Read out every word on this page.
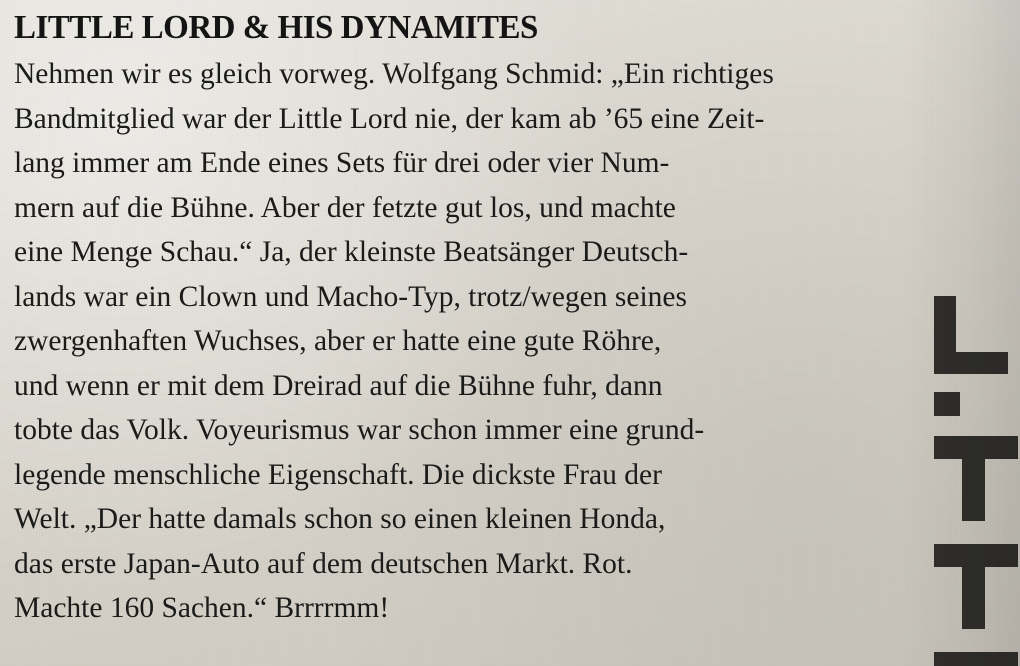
LITTLE LORD & HIS DYNAMITES
Nehmen wir es gleich vorweg. Wolfgang Schmid: „Ein richtiges
Bandmitglied war der Little Lord nie, der kam ab ’65 eine Zeit-
lang immer am Ende eines Sets für drei oder vier Num-
mern auf die Bühne. Aber der fetzte gut los, und machte
eine Menge Schau.“ Ja, der kleinste Beatsänger Deutsch-
lands war ein Clown und Macho-Typ, trotz/wegen seines
zwergenhaften Wuchses, aber er hatte eine gute Röhre,
und wenn er mit dem Dreirad auf die Bühne fuhr, dann
tobte das Volk. Voyeurismus war schon immer eine grund-
legende menschliche Eigenschaft. Die dickste Frau der
Welt. „Der hatte damals schon so einen kleinen Honda,
das erste Japan-Auto auf dem deutschen Markt. Rot.
Machte 160 Sachen.“ Brrrrmm!
